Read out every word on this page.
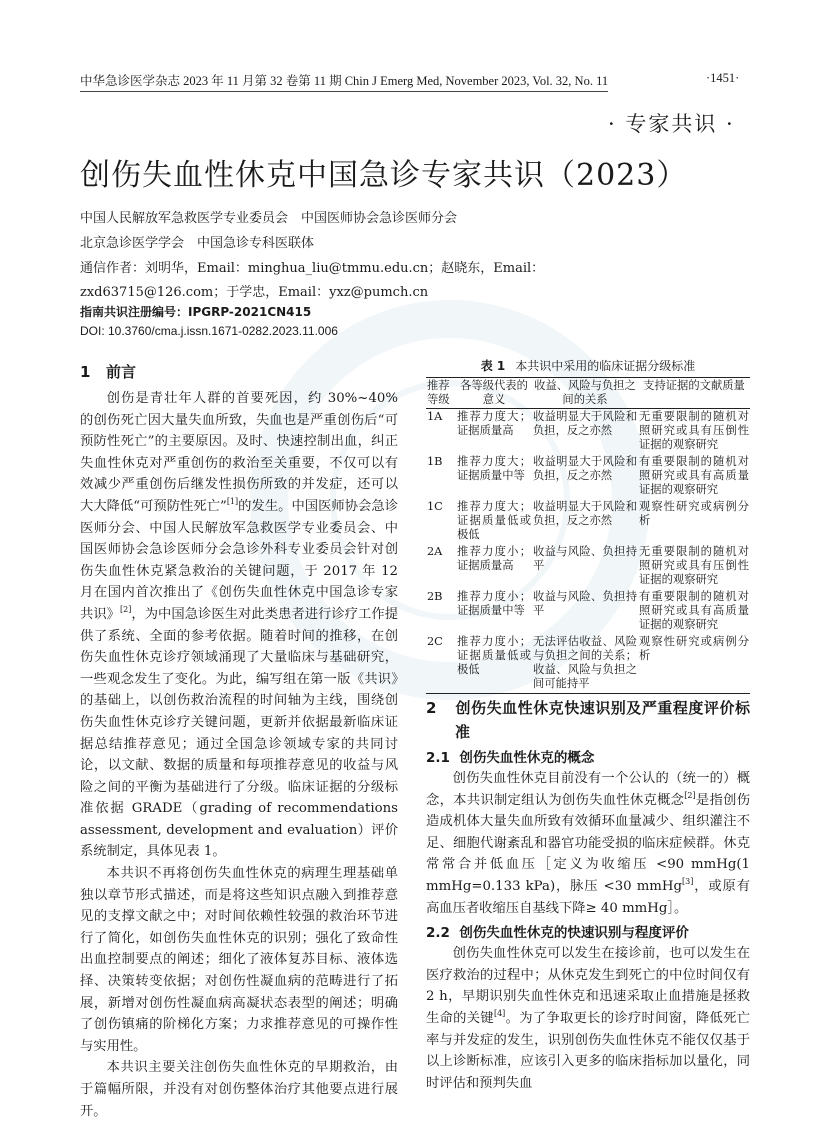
中华急诊医学杂志 2023 年 11 月第 32 卷第 11 期 Chin J Emerg Med, November 2023, Vol. 32, No. 11	·1451·
· 专家共识 ·
创伤失血性休克中国急诊专家共识（2023）
中国人民解放军急救医学专业委员会　中国医师协会急诊医师分会
北京急诊医学学会　中国急诊专科医联体
通信作者：刘明华，Email：minghua_liu@tmmu.edu.cn；赵晓东，Email：
zxd63715@126.com；于学忠，Email：yxz@pumch.cn
指南共识注册编号：IPGRP-2021CN415
DOI: 10.3760/cma.j.issn.1671-0282.2023.11.006
1 前言

创伤是青壮年人群的首要死因，约 30%~40% 的创伤死亡因大量失血所致，失血也是严重创伤后“可预防性死亡”的主要原因。及时、快速控制出血，纠正失血性休克对严重创伤的救治至关重要，不仅可以有效减少严重创伤后继发性损伤所致的并发症，还可以大大降低“可预防性死亡”[1]的发生。中国医师协会急诊医师分会、中国人民解放军急救医学专业委员会、中国医师协会急诊医师分会急诊外科专业委员会针对创伤失血性休克紧急救治的关键问题，于 2017 年 12 月在国内首次推出了《创伤失血性休克中国急诊专家共识》[2]，为中国急诊医生对此类患者进行诊疗工作提供了系统、全面的参考依据。随着时间的推移，在创伤失血性休克诊疗领域涌现了大量临床与基础研究，一些观念发生了变化。为此，编写组在第一版《共识》的基础上，以创伤救治流程的时间轴为主线，围绕创伤失血性休克诊疗关键问题，更新并依据最新临床证据总结推荐意见；通过全国急诊领域专家的共同讨论，以文献、数据的质量和每项推荐意见的收益与风险之间的平衡为基础进行了分级。临床证据的分级标准依据 GRADE（grading of recommendations assessment, development and evaluation）评价系统制定，具体见表 1。

本共识不再将创伤失血性休克的病理生理基础单独以章节形式描述，而是将这些知识点融入到推荐意见的支撑文献之中；对时间依赖性较强的救治环节进行了简化，如创伤失血性休克的识别；强化了致命性出血控制要点的阐述；细化了液体复苏目标、液体选择、决策转变依据；对创伤性凝血病的范畴进行了拓展，新增对创伤性凝血病高凝状态表型的阐述；明确了创伤镇痛的阶梯化方案；力求推荐意见的可操作性与实用性。

本共识主要关注创伤失血性休克的早期救治，由于篇幅所限，并没有对创伤整体治疗其他要点进行展开。

表 1 本共识中采用的临床证据分级标准
推荐等级	各等级代表的意义	收益、风险与负担之间的关系	支持证据的文献质量
1A	推荐力度大；证据质量高	收益明显大于风险和负担，反之亦然	无重要限制的随机对照研究或具有压倒性证据的观察研究
1B	推荐力度大；证据质量中等	收益明显大于风险和负担，反之亦然	有重要限制的随机对照研究或具有高质量证据的观察研究
1C	推荐力度大；证据质量低或极低	收益明显大于风险和负担，反之亦然	观察性研究或病例分析
2A	推荐力度小；证据质量高	收益与风险、负担持平	无重要限制的随机对照研究或具有压倒性证据的观察研究
2B	推荐力度小；证据质量中等	收益与风险、负担持平	有重要限制的随机对照研究或具有高质量证据的观察研究
2C	推荐力度小；证据质量低或极低	无法评估收益、风险与负担之间的关系；收益、风险与负担之间可能持平	观察性研究或病例分析
2 创伤失血性休克快速识别及严重程度评价标准
2.1 创伤失血性休克的概念

创伤失血性休克目前没有一个公认的（统一的）概念，本共识制定组认为创伤失血性休克概念[2]是指创伤造成机体大量失血所致有效循环血量减少、组织灌注不足、细胞代谢紊乱和器官功能受损的临床症候群。休克常常合并低血压［定义为收缩压 <90 mmHg(1 mmHg=0.133 kPa)，脉压 <30 mmHg[3]，或原有高血压者收缩压自基线下降≥ 40 mmHg］。

2.2 创伤失血性休克的快速识别与程度评价

创伤失血性休克可以发生在接诊前，也可以发生在医疗救治的过程中；从休克发生到死亡的中位时间仅有 2 h，早期识别失血性休克和迅速采取止血措施是拯救生命的关键[4]。为了争取更长的诊疗时间窗，降低死亡率与并发症的发生，识别创伤失血性休克不能仅仅基于以上诊断标准，应该引入更多的临床指标加以量化，同时评估和预判失血
